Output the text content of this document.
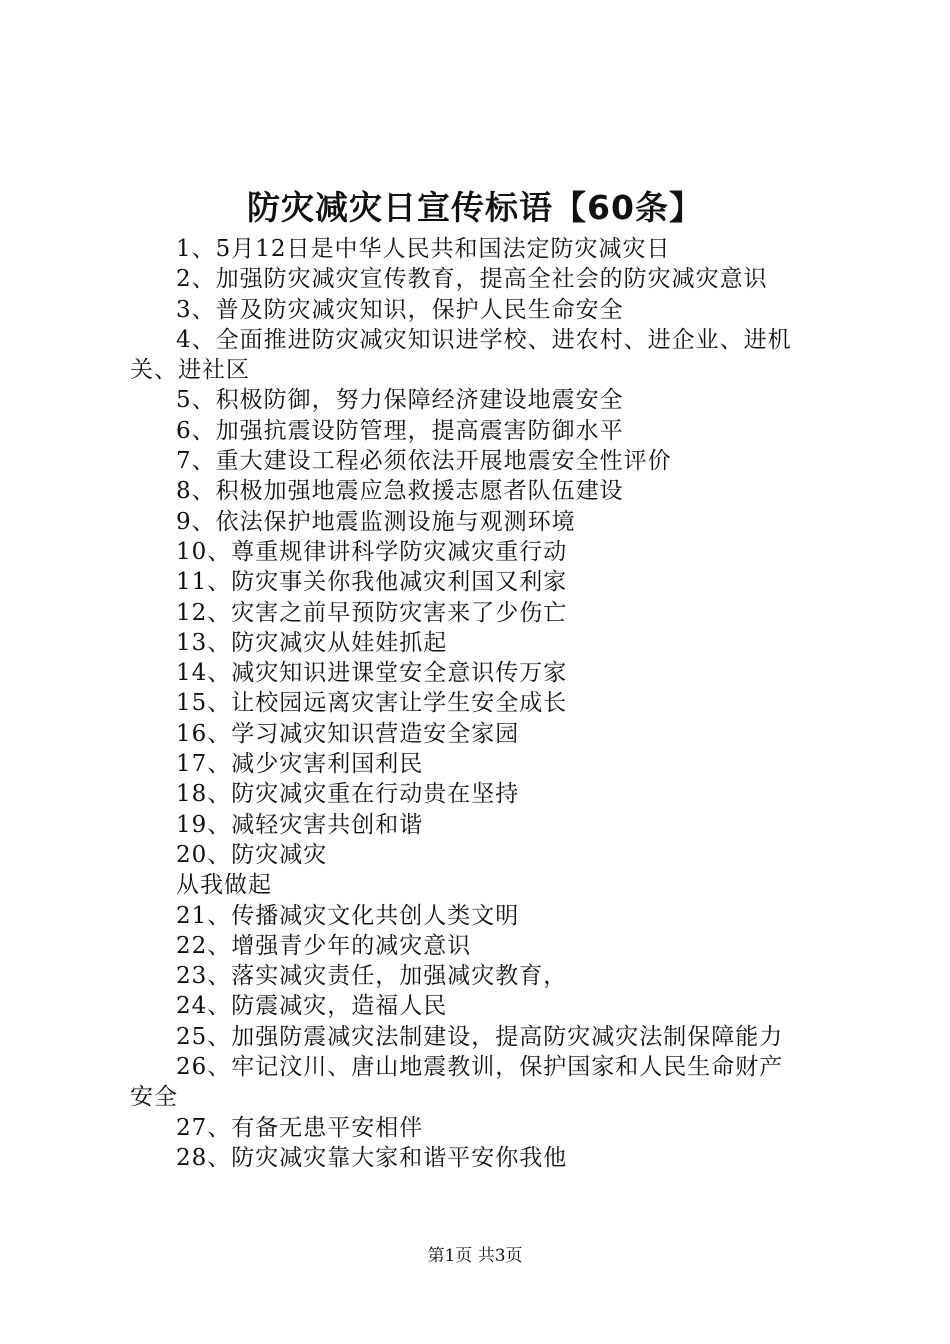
防灾减灾日宣传标语【60条】
1、5月12日是中华人民共和国法定防灾减灾日
2、加强防灾减灾宣传教育，提高全社会的防灾减灾意识
3、普及防灾减灾知识，保护人民生命安全
4、全面推进防灾减灾知识进学校、进农村、进企业、进机
关、进社区
5、积极防御，努力保障经济建设地震安全
6、加强抗震设防管理，提高震害防御水平
7、重大建设工程必须依法开展地震安全性评价
8、积极加强地震应急救援志愿者队伍建设
9、依法保护地震监测设施与观测环境
10、尊重规律讲科学防灾减灾重行动
11、防灾事关你我他减灾利国又利家
12、灾害之前早预防灾害来了少伤亡
13、防灾减灾从娃娃抓起
14、减灾知识进课堂安全意识传万家
15、让校园远离灾害让学生安全成长
16、学习减灾知识营造安全家园
17、减少灾害利国利民
18、防灾减灾重在行动贵在坚持
19、减轻灾害共创和谐
20、防灾减灾
从我做起
21、传播减灾文化共创人类文明
22、增强青少年的减灾意识
23、落实减灾责任，加强减灾教育，
24、防震减灾，造福人民
25、加强防震减灾法制建设，提高防灾减灾法制保障能力
26、牢记汶川、唐山地震教训，保护国家和人民生命财产
安全
27、有备无患平安相伴
28、防灾减灾靠大家和谐平安你我他
第1页 共3页
